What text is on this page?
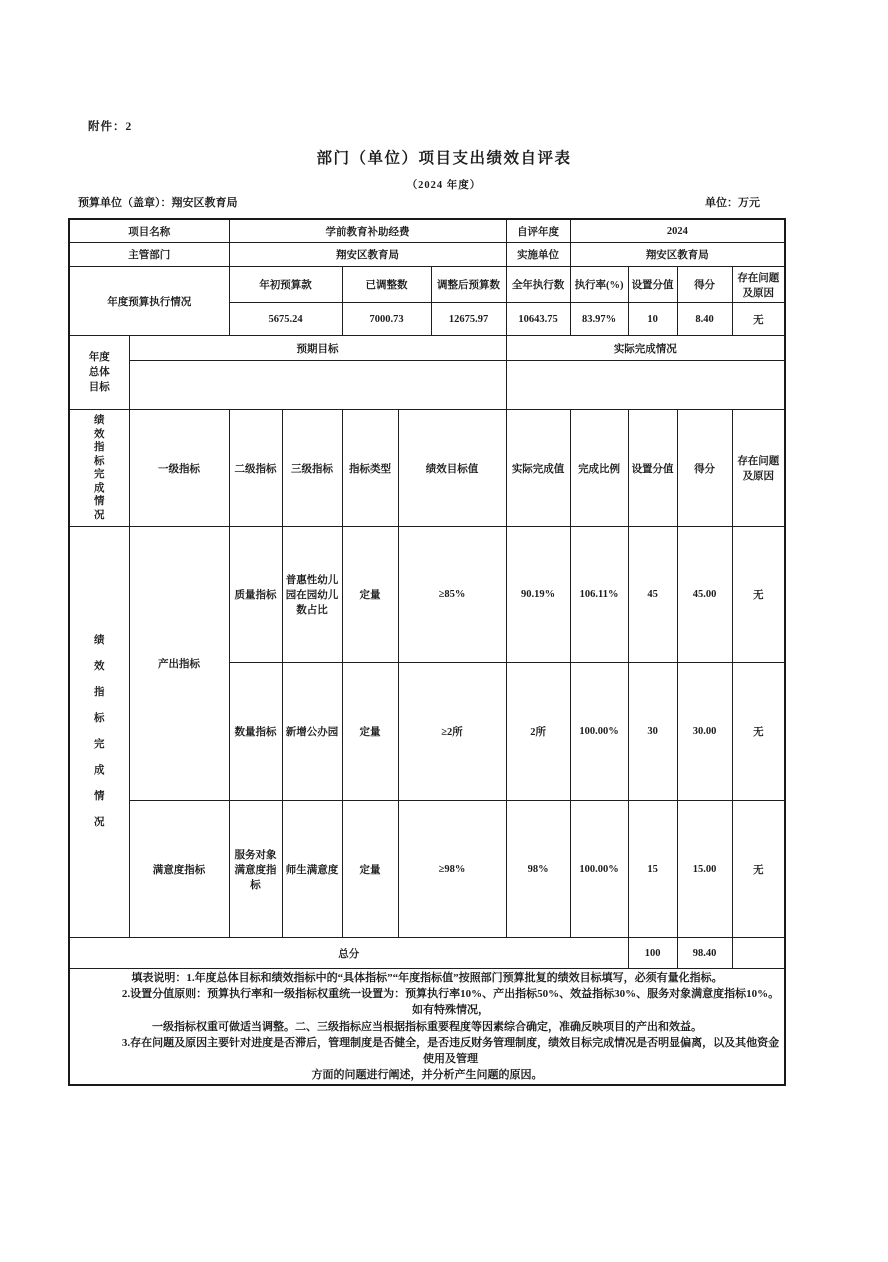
附件：2
部门（单位）项目支出绩效自评表
（2024 年度）
预算单位（盖章）：翔安区教育局	单位：万元
项目名称		学前教育补助经费					自评年度	2024			
主管部门		翔安区教育局					实施单位	翔安区教育局			
年度预算执行情况		年初预算款		已调整数		调整后预算数	全年执行数	执行率(%)	设置分值	得分	存在问题及原因
		5675.24		7000.73		12675.97	10643.75	83.97%	10	8.40	无

年度总体目标	预期目标						实际完成情况				

绩效指标完成情况	一级指标	二级指标	三级指标	指标类型	绩效目标值		实际完成值	完成比例	设置分值	得分	存在问题及原因

绩效指标完成情况	产出指标	质量指标	普惠性幼儿园在园幼儿数占比	定量	≥85%		90.19%	106.11%	45	45.00	无
		数量指标	新增公办园	定量	≥2所		2所	100.00%	30	30.00	无
	满意度指标	服务对象满意度指标	师生满意度	定量	≥98%		98%	100.00%	15	15.00	无
总分									100	98.40	

填表说明：1.年度总体目标和绩效指标中的“具体指标”“年度指标值”按照部门预算批复的绩效目标填写，必须有量化指标。
2.设置分值原则：预算执行率和一级指标权重统一设置为：预算执行率10%、产出指标50%、效益指标30%、服务对象满意度指标10%。如有特殊情况，
一级指标权重可做适当调整。二、三级指标应当根据指标重要程度等因素综合确定，准确反映项目的产出和效益。
3.存在问题及原因主要针对进度是否滞后，管理制度是否健全，是否违反财务管理制度，绩效目标完成情况是否明显偏离，以及其他资金使用及管理
方面的问题进行阐述，并分析产生问题的原因。											
